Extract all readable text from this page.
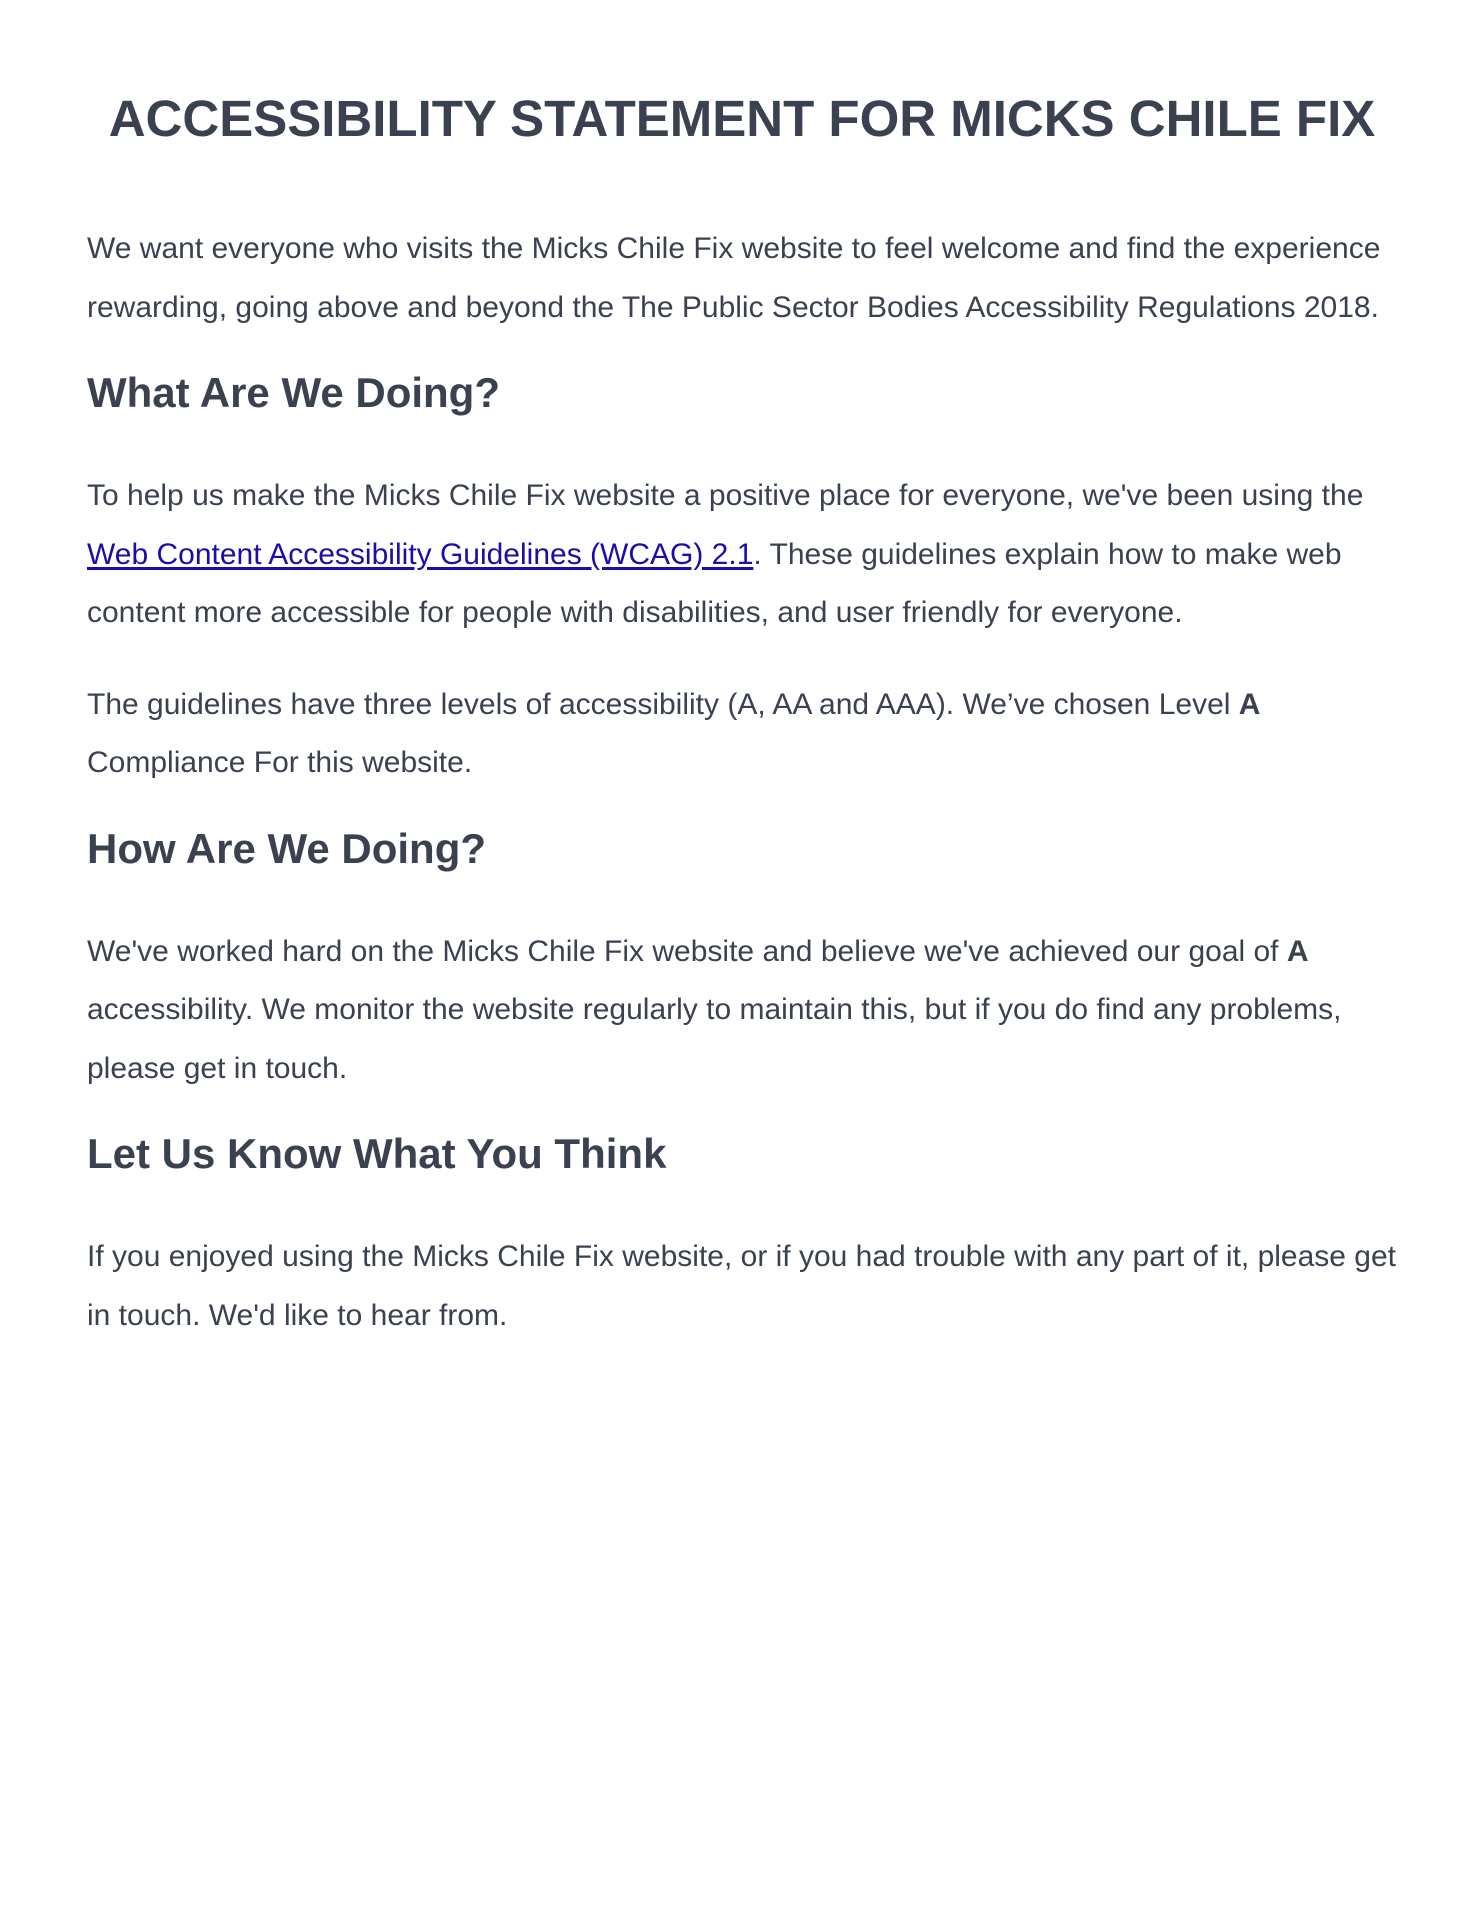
ACCESSIBILITY STATEMENT FOR MICKS CHILE FIX

We want everyone who visits the Micks Chile Fix website to feel welcome and find the experience rewarding, going above and beyond the The Public Sector Bodies Accessibility Regulations 2018.

What Are We Doing?

To help us make the Micks Chile Fix website a positive place for everyone, we've been using the Web Content Accessibility Guidelines (WCAG) 2.1. These guidelines explain how to make web content more accessible for people with disabilities, and user friendly for everyone.

The guidelines have three levels of accessibility (A, AA and AAA). We’ve chosen Level A Compliance For this website.

How Are We Doing?

We've worked hard on the Micks Chile Fix website and believe we've achieved our goal of A accessibility. We monitor the website regularly to maintain this, but if you do find any problems, please get in touch.

Let Us Know What You Think

If you enjoyed using the Micks Chile Fix website, or if you had trouble with any part of it, please get in touch. We'd like to hear from.
